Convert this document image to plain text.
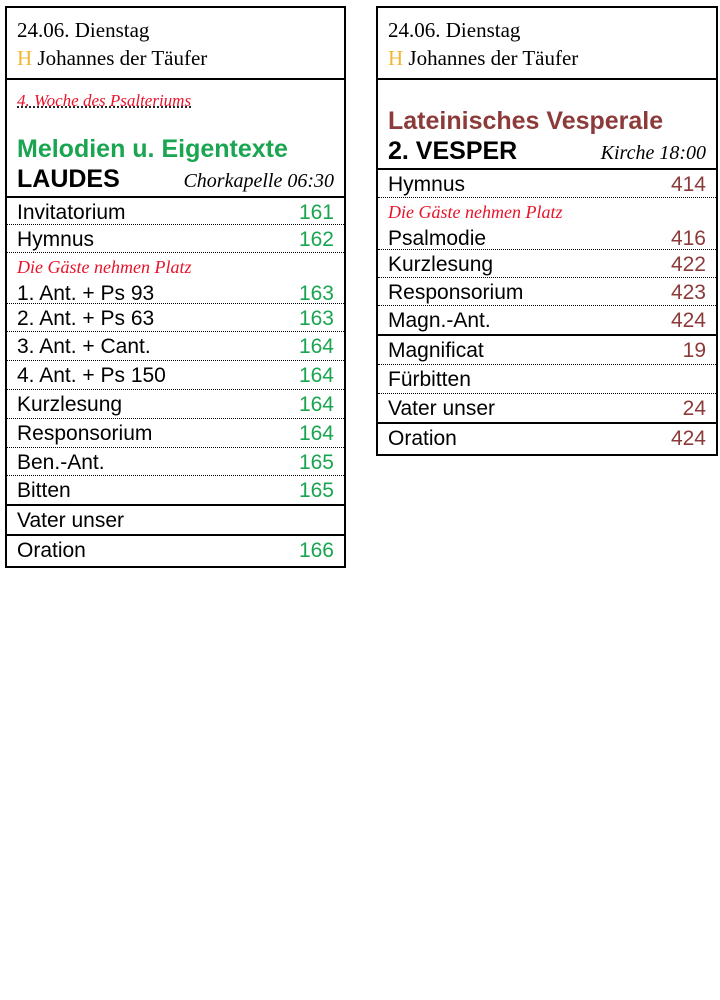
24.06. Dienstag
H Johannes der Täufer
4. Woche des Psalteriums
Melodien u. Eigentexte
LAUDES	Chorkapelle 06:30
Invitatorium	161
Hymnus	162
Die Gäste nehmen Platz
1. Ant. + Ps 93	163
2. Ant. + Ps 63	163
3. Ant. + Cant.	164
4. Ant. + Ps 150	164
Kurzlesung	164
Responsorium	164
Ben.-Ant.	165
Bitten	165
Vater unser
Oration	166
24.06. Dienstag
H Johannes der Täufer
Lateinisches Vesperale
2. VESPER	Kirche 18:00
Hymnus	414
Die Gäste nehmen Platz
Psalmodie	416
Kurzlesung	422
Responsorium	423
Magn.-Ant.	424
Magnificat	19
Fürbitten
Vater unser	24
Oration	424
